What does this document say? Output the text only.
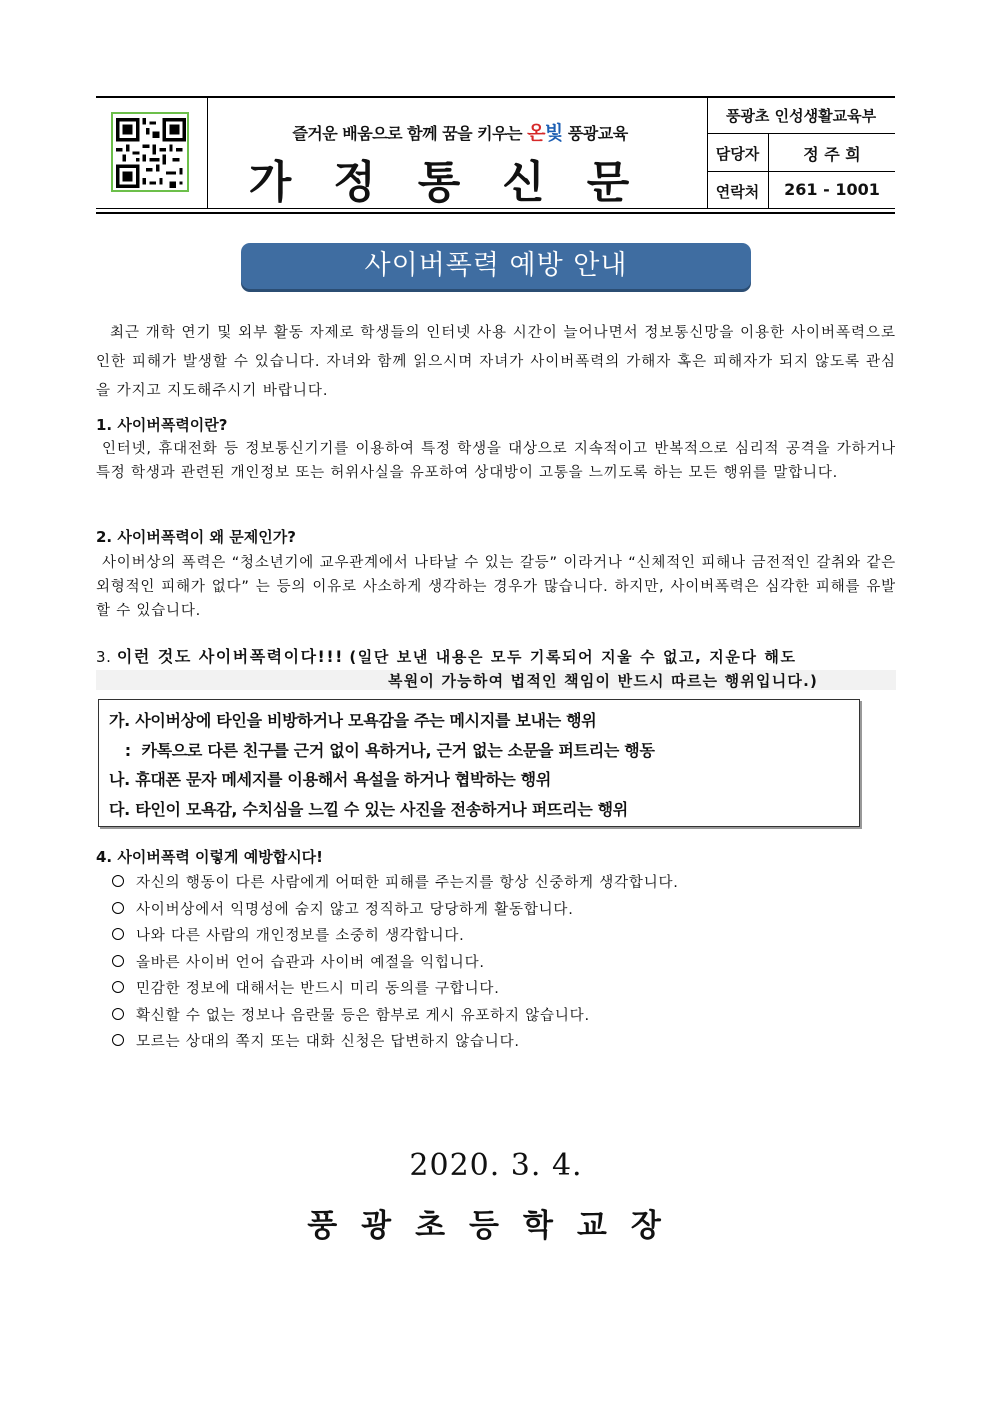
즐거운 배움으로 함께 꿈을 키우는 온빛 풍광교육
가정통신문
풍광초 인성생활교육부
담당자	정 주 희
연락처	261 - 1001
사이버폭력 예방 안내
최근 개학 연기 및 외부 활동 자제로 학생들의 인터넷 사용 시간이 늘어나면서 정보통신망을 이용한 사이버폭력으로 인한 피해가 발생할 수 있습니다. 자녀와 함께 읽으시며 자녀가 사이버폭력의 가해자 혹은 피해자가 되지 않도록 관심을 가지고 지도해주시기 바랍니다.
1. 사이버폭력이란?
인터넷, 휴대전화 등 정보통신기기를 이용하여 특정 학생을 대상으로 지속적이고 반복적으로 심리적 공격을 가하거나 특정 학생과 관련된 개인정보 또는 허위사실을 유포하여 상대방이 고통을 느끼도록 하는 모든 행위를 말합니다.
2. 사이버폭력이 왜 문제인가?
사이버상의 폭력은 “청소년기에 교우관계에서 나타날 수 있는 갈등” 이라거나 “신체적인 피해나 금전적인 갈취와 같은 외형적인 피해가 없다” 는 등의 이유로 사소하게 생각하는 경우가 많습니다. 하지만, 사이버폭력은 심각한 피해를 유발할 수 있습니다.
3. 이런 것도 사이버폭력이다!!! (일단 보낸 내용은 모두 기록되어 지울 수 없고, 지운다 해도
복원이 가능하여 법적인 책임이 반드시 따르는 행위입니다.)
가. 사이버상에 타인을 비방하거나 모욕감을 주는 메시지를 보내는 행위
:  카톡으로 다른 친구를 근거 없이 욕하거나, 근거 없는 소문을 퍼트리는 행동
나. 휴대폰 문자 메세지를 이용해서 욕설을 하거나 협박하는 행위
다. 타인이 모욕감, 수치심을 느낄 수 있는 사진을 전송하거나 퍼뜨리는 행위
4. 사이버폭력 이렇게 예방합시다!
자신의 행동이 다른 사람에게 어떠한 피해를 주는지를 항상 신중하게 생각합니다.
사이버상에서 익명성에 숨지 않고 정직하고 당당하게 활동합니다.
나와 다른 사람의 개인정보를 소중히 생각합니다.
올바른 사이버 언어 습관과 사이버 예절을 익힙니다.
민감한 정보에 대해서는 반드시 미리 동의를 구합니다.
확신할 수 없는 정보나 음란물 등은 함부로 게시 유포하지 않습니다.
모르는 상대의 쪽지 또는 대화 신청은 답변하지 않습니다.
2020. 3. 4.
풍광초등학교장
